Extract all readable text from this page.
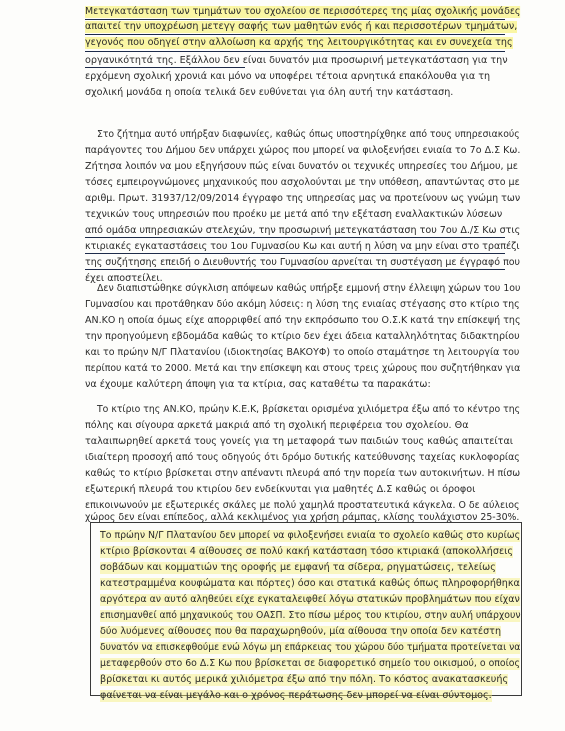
Μετεγκατάσταση των τμημάτων του σχολείου σε περισσότερες της μίας σχολικής μονάδες
απαιτεί την υποχρέωση μετεγγ σαφής των μαθητών ενός ή και περισσοτέρων τμημάτων,
γεγονός που οδηγεί στην αλλοίωση κα αρχής της λειτουργικότητας και εν συνεχεία της
οργανικότητά της. Εξάλλου δεν είναι δυνατόν μια προσωρινή μετεγκατάσταση για την
ερχόμενη σχολική χρονιά και μόνο να υποφέρει τέτοια αρνητικά επακόλουθα για τη
σχολική μονάδα η οποία τελικά δεν ευθύνεται για όλη αυτή την κατάσταση.
Στο ζήτημα αυτό υπήρξαν διαφωνίες, καθώς όπως υποστηρίχθηκε από τους υπηρεσιακούς
παράγοντες του Δήμου δεν υπάρχει χώρος που μπορεί να φιλοξενήσει ενιαία το 7ο Δ.Σ Κω.
Ζήτησα λοιπόν να μου εξηγήσουν πώς είναι δυνατόν οι τεχνικές υπηρεσίες του Δήμου, με
τόσες εμπειρογνώμονες μηχανικούς που ασχολούνται με την υπόθεση, απαντώντας στο με
αριθμ. Πρωτ. 31937/12/09/2014 έγγραφο της υπηρεσίας μας να προτείνουν ως γνώμη των
τεχνικών τους υπηρεσιών που προέκυ με μετά από την εξέταση εναλλακτικών λύσεων
από ομάδα υπηρεσιακών στελεχών, την προσωρινή μετεγκατάσταση του 7ου Δ./Σ Κω στις
κτιριακές εγκαταστάσεις του 1ου Γυμνασίου Κω και αυτή η λύση να μην είναι στο τραπέζι
της συζήτησης επειδή ο Διευθυντής του Γυμνασίου αρνείται τη συστέγαση με έγγραφό που
έχει αποστείλει.
Δεν διαπιστώθηκε σύγκλιση απόψεων καθώς υπήρξε εμμονή στην έλλειψη χώρων του 1ου
Γυμνασίου και προτάθηκαν δύο ακόμη λύσεις: η λύση της ενιαίας στέγασης στο κτίριο της
ΑΝ.ΚΟ η οποία όμως είχε απορριφθεί από την εκπρόσωπο του Ο.Σ.Κ κατά την επίσκεψή της
την προηγούμενη εβδομάδα καθώς το κτίριο δεν έχει άδεια καταλληλότητας διδακτηρίου
και το πρώην Ν/Γ Πλατανίου (ιδιοκτησίας ΒΑΚΟΥΦ) το οποίο σταμάτησε τη λειτουργία του
περίπου κατά το 2000. Μετά και την επίσκεψη και στους τρεις χώρους που συζητήθηκαν για
να έχουμε καλύτερη άποψη για τα κτίρια, σας καταθέτω τα παρακάτω:
Το κτίριο της ΑΝ.ΚΟ, πρώην Κ.Ε.Κ, βρίσκεται ορισμένα χιλιόμετρα έξω από το κέντρο της
πόλης και σίγουρα αρκετά μακριά από τη σχολική περιφέρεια του σχολείου. Θα
ταλαιπωρηθεί αρκετά τους γονείς για τη μεταφορά των παιδιών τους καθώς απαιτείται
ιδιαίτερη προσοχή από τους οδηγούς ότι δρόμο δυτικής κατεύθυνσης ταχείας κυκλοφορίας
καθώς το κτίριο βρίσκεται στην απέναντι πλευρά από την πορεία των αυτοκινήτων. Η πίσω
εξωτερική πλευρά του κτιρίου δεν ενδείκνυται για μαθητές Δ.Σ καθώς οι όροφοι
επικοινωνούν με εξωτερικές σκάλες με πολύ χαμηλά προστατευτικά κάγκελα. Ο δε αύλειος
χώρος δεν είναι επίπεδος, αλλά κεκλιμένος για χρήση ράμπας, κλίσης τουλάχιστον 25-30%.
Το πρώην Ν/Γ Πλατανίου δεν μπορεί να φιλοξενήσει ενιαία το σχολείο καθώς στο κυρίως
κτίριο βρίσκονται 4 αίθουσες σε πολύ κακή κατάσταση τόσο κτιριακά (αποκολλήσεις
σοβάδων και κομματιών της οροφής με εμφανή τα σίδερα, ρηγματώσεις, τελείως
κατεστραμμένα κουφώματα και πόρτες) όσο και στατικά καθώς όπως πληροφορήθηκα
αργότερα αν αυτό αληθεύει είχε εγκαταλειφθεί λόγω στατικών προβλημάτων που είχαν
επισημανθεί από μηχανικούς του ΟΑΣΠ. Στο πίσω μέρος του κτιρίου, στην αυλή υπάρχουν
δύο λυόμενες αίθουσες που θα παραχωρηθούν, μία αίθουσα την οποία δεν κατέστη
δυνατόν να επισκεφθούμε ενώ λόγω μη επάρκειας του χώρου δύο τμήματα προτείνεται να
μεταφερθούν στο 6ο Δ.Σ Κω που βρίσκεται σε διαφορετικό σημείο του οικισμού, ο οποίος
βρίσκεται κι αυτός μερικά χιλιόμετρα έξω από την πόλη. Το κόστος ανακατασκευής
φαίνεται να είναι μεγάλο και ο χρόνος περάτωσης δεν μπορεί να είναι σύντομος.
